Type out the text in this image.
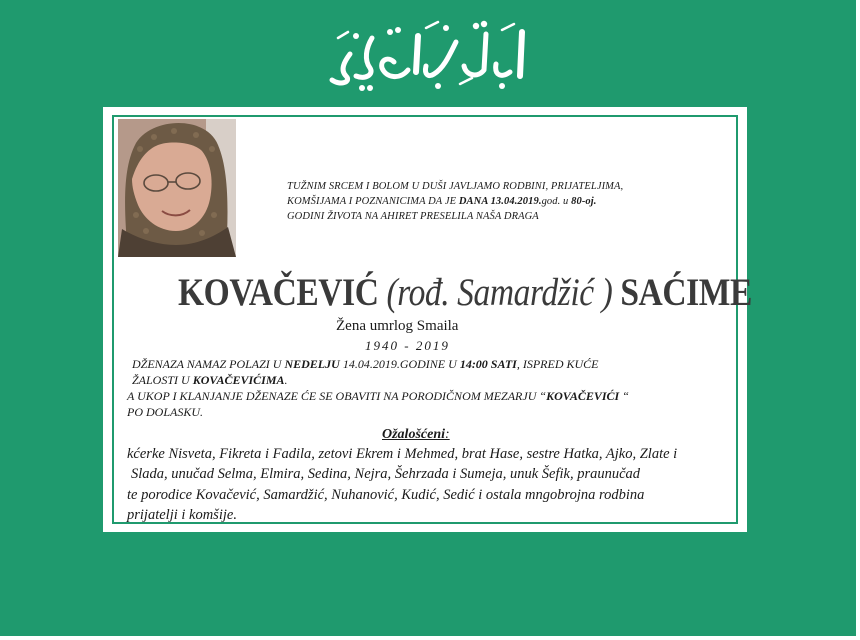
TUŽNIM SRCEM I BOLOM U DUŠI JAVLJAMO RODBINI, PRIJATELJIMA,
KOMŠIJAMA I POZNANICIMA DA JE DANA 13.04.2019.god. u 80-oj.
GODINI ŽIVOTA NA AHIRET PRESELILA NAŠA DRAGA
KOVAČEVIĆ (rođ. Samardžić ) SAĆIME
Žena umrlog Smaila
1940 - 2019
DŽENAZA NAMAZ POLAZI U NEDELJU 14.04.2019.GODINE U 14:00 SATI, ISPRED KUĆE
ŽALOSTI U KOVAČEVIĆIMA.
A UKOP I KLANJANJE DŽENAZE ĆE SE OBAVITI NA PORODIČNOM MEZARJU “KOVAČEVIĆI “
PO DOLASKU.
Ožalošćeni:
kćerke Nisveta, Fikreta i Fadila, zetovi Ekrem i Mehmed, brat Hase, sestre Hatka, Ajko, Zlate i
Slada, unučad Selma, Elmira, Sedina, Nejra, Šehrzada i Sumeja, unuk Šefik, praunučad
te porodice Kovačević, Samardžić, Nuhanović, Kudić, Sedić i ostala mngobrojna rodbina
prijatelji i komšije.
